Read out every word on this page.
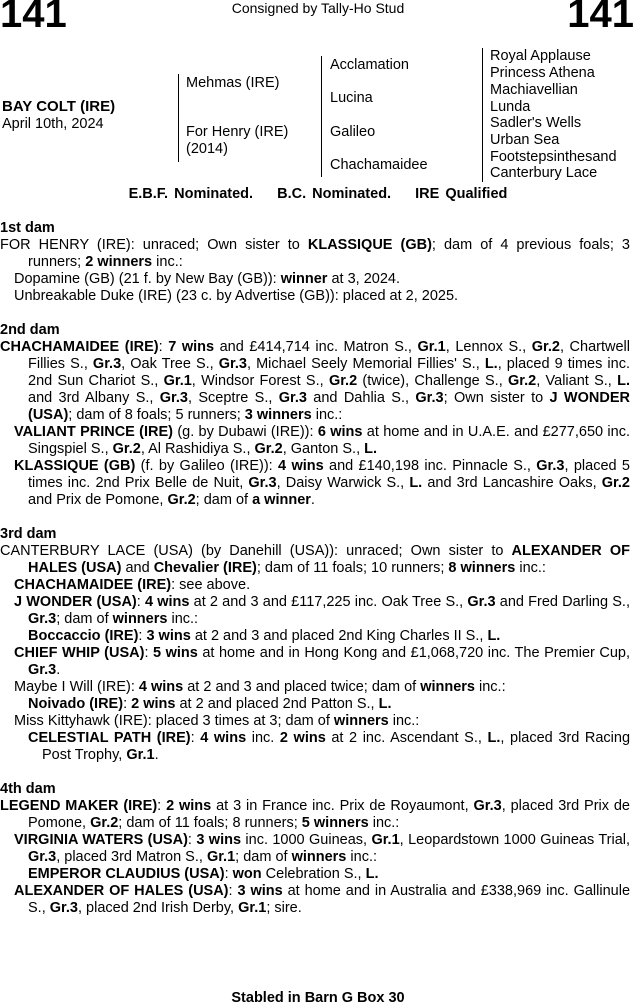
141	Consigned by Tally-Ho Stud	141
BAY COLT (IRE)
April 10th, 2024
Mehmas (IRE)
For Henry (IRE)
(2014)
Acclamation
Lucina
Galileo
Chachamaidee
Royal Applause
Princess Athena
Machiavellian
Lunda
Sadler's Wells
Urban Sea
Footstepsinthesand
Canterbury Lace
E.B.F. Nominated. B.C. Nominated. IRE Qualified
1st dam
FOR HENRY (IRE): unraced; Own sister to KLASSIQUE (GB); dam of 4 previous foals; 3 runners; 2 winners inc.:
Dopamine (GB) (21 f. by New Bay (GB)): winner at 3, 2024.
Unbreakable Duke (IRE) (23 c. by Advertise (GB)): placed at 2, 2025.
2nd dam
CHACHAMAIDEE (IRE): 7 wins and £414,714 inc. Matron S., Gr.1, Lennox S., Gr.2, Chartwell Fillies S., Gr.3, Oak Tree S., Gr.3, Michael Seely Memorial Fillies' S., L., placed 9 times inc. 2nd Sun Chariot S., Gr.1, Windsor Forest S., Gr.2 (twice), Challenge S., Gr.2, Valiant S., L. and 3rd Albany S., Gr.3, Sceptre S., Gr.3 and Dahlia S., Gr.3; Own sister to J WONDER (USA); dam of 8 foals; 5 runners; 3 winners inc.:
VALIANT PRINCE (IRE) (g. by Dubawi (IRE)): 6 wins at home and in U.A.E. and £277,650 inc. Singspiel S., Gr.2, Al Rashidiya S., Gr.2, Ganton S., L.
KLASSIQUE (GB) (f. by Galileo (IRE)): 4 wins and £140,198 inc. Pinnacle S., Gr.3, placed 5 times inc. 2nd Prix Belle de Nuit, Gr.3, Daisy Warwick S., L. and 3rd Lancashire Oaks, Gr.2 and Prix de Pomone, Gr.2; dam of a winner.
3rd dam
CANTERBURY LACE (USA) (by Danehill (USA)): unraced; Own sister to ALEXANDER OF HALES (USA) and Chevalier (IRE); dam of 11 foals; 10 runners; 8 winners inc.:
CHACHAMAIDEE (IRE): see above.
J WONDER (USA): 4 wins at 2 and 3 and £117,225 inc. Oak Tree S., Gr.3 and Fred Darling S., Gr.3; dam of winners inc.:
Boccaccio (IRE): 3 wins at 2 and 3 and placed 2nd King Charles II S., L.
CHIEF WHIP (USA): 5 wins at home and in Hong Kong and £1,068,720 inc. The Premier Cup, Gr.3.
Maybe I Will (IRE): 4 wins at 2 and 3 and placed twice; dam of winners inc.:
Noivado (IRE): 2 wins at 2 and placed 2nd Patton S., L.
Miss Kittyhawk (IRE): placed 3 times at 3; dam of winners inc.:
CELESTIAL PATH (IRE): 4 wins inc. 2 wins at 2 inc. Ascendant S., L., placed 3rd Racing Post Trophy, Gr.1.
4th dam
LEGEND MAKER (IRE): 2 wins at 3 in France inc. Prix de Royaumont, Gr.3, placed 3rd Prix de Pomone, Gr.2; dam of 11 foals; 8 runners; 5 winners inc.:
VIRGINIA WATERS (USA): 3 wins inc. 1000 Guineas, Gr.1, Leopardstown 1000 Guineas Trial, Gr.3, placed 3rd Matron S., Gr.1; dam of winners inc.:
EMPEROR CLAUDIUS (USA): won Celebration S., L.
ALEXANDER OF HALES (USA): 3 wins at home and in Australia and £338,969 inc. Gallinule S., Gr.3, placed 2nd Irish Derby, Gr.1; sire.
Stabled in Barn G Box 30
